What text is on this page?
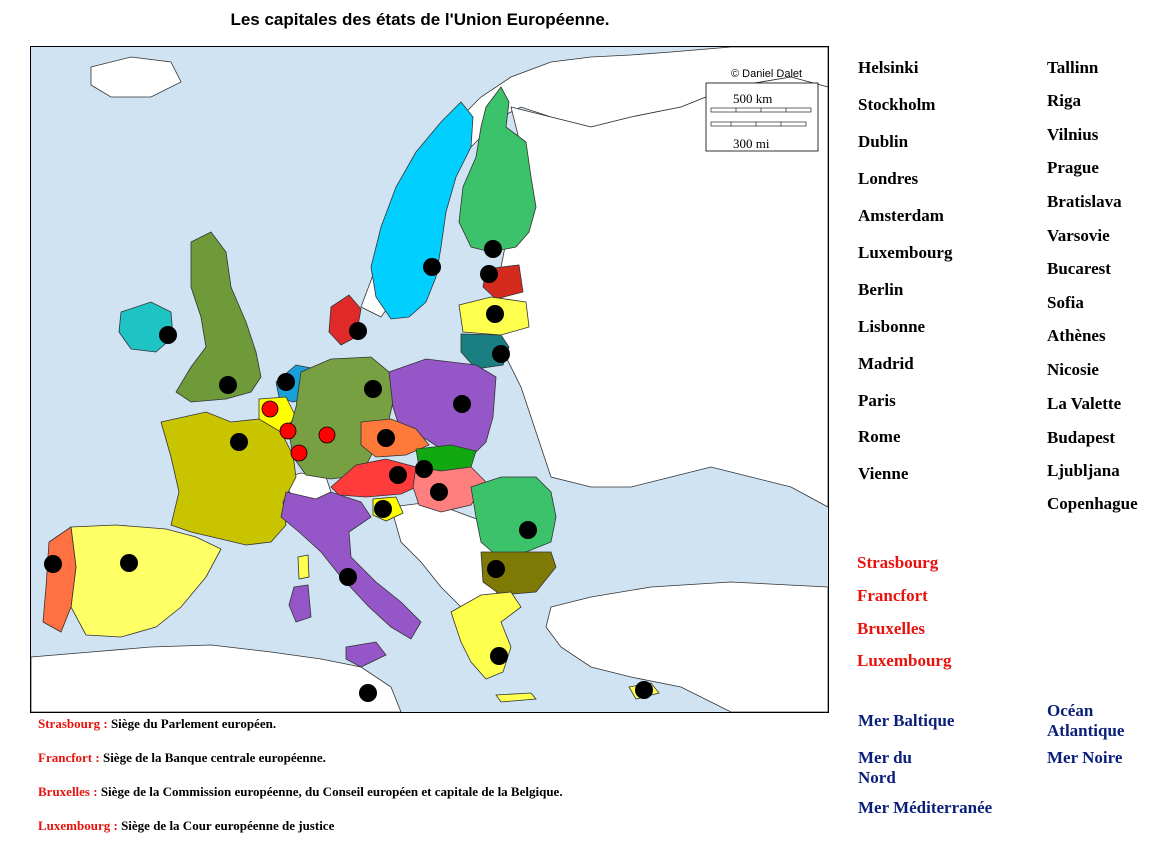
Les capitales des états de l'Union Européenne.
© Daniel Dalet
500 km
300 mi
Helsinki
Stockholm
Dublin
Londres
Amsterdam
Luxembourg
Berlin
Lisbonne
Madrid
Paris
Rome
Vienne
Tallinn
Riga
Vilnius
Prague
Bratislava
Varsovie
Bucarest
Sofia
Athènes
Nicosie
La Valette
Budapest
Ljubljana
Copenhague
Strasbourg
Francfort
Bruxelles
Luxembourg
Mer Baltique
Mer du
Nord
Mer Méditerranée
Océan
Atlantique
Mer Noire
Strasbourg : Siège du Parlement européen.
Francfort : Siège de la Banque centrale européenne.
Bruxelles : Siège de la Commission européenne, du Conseil européen et capitale de la Belgique.
Luxembourg : Siège de la Cour européenne de justice
